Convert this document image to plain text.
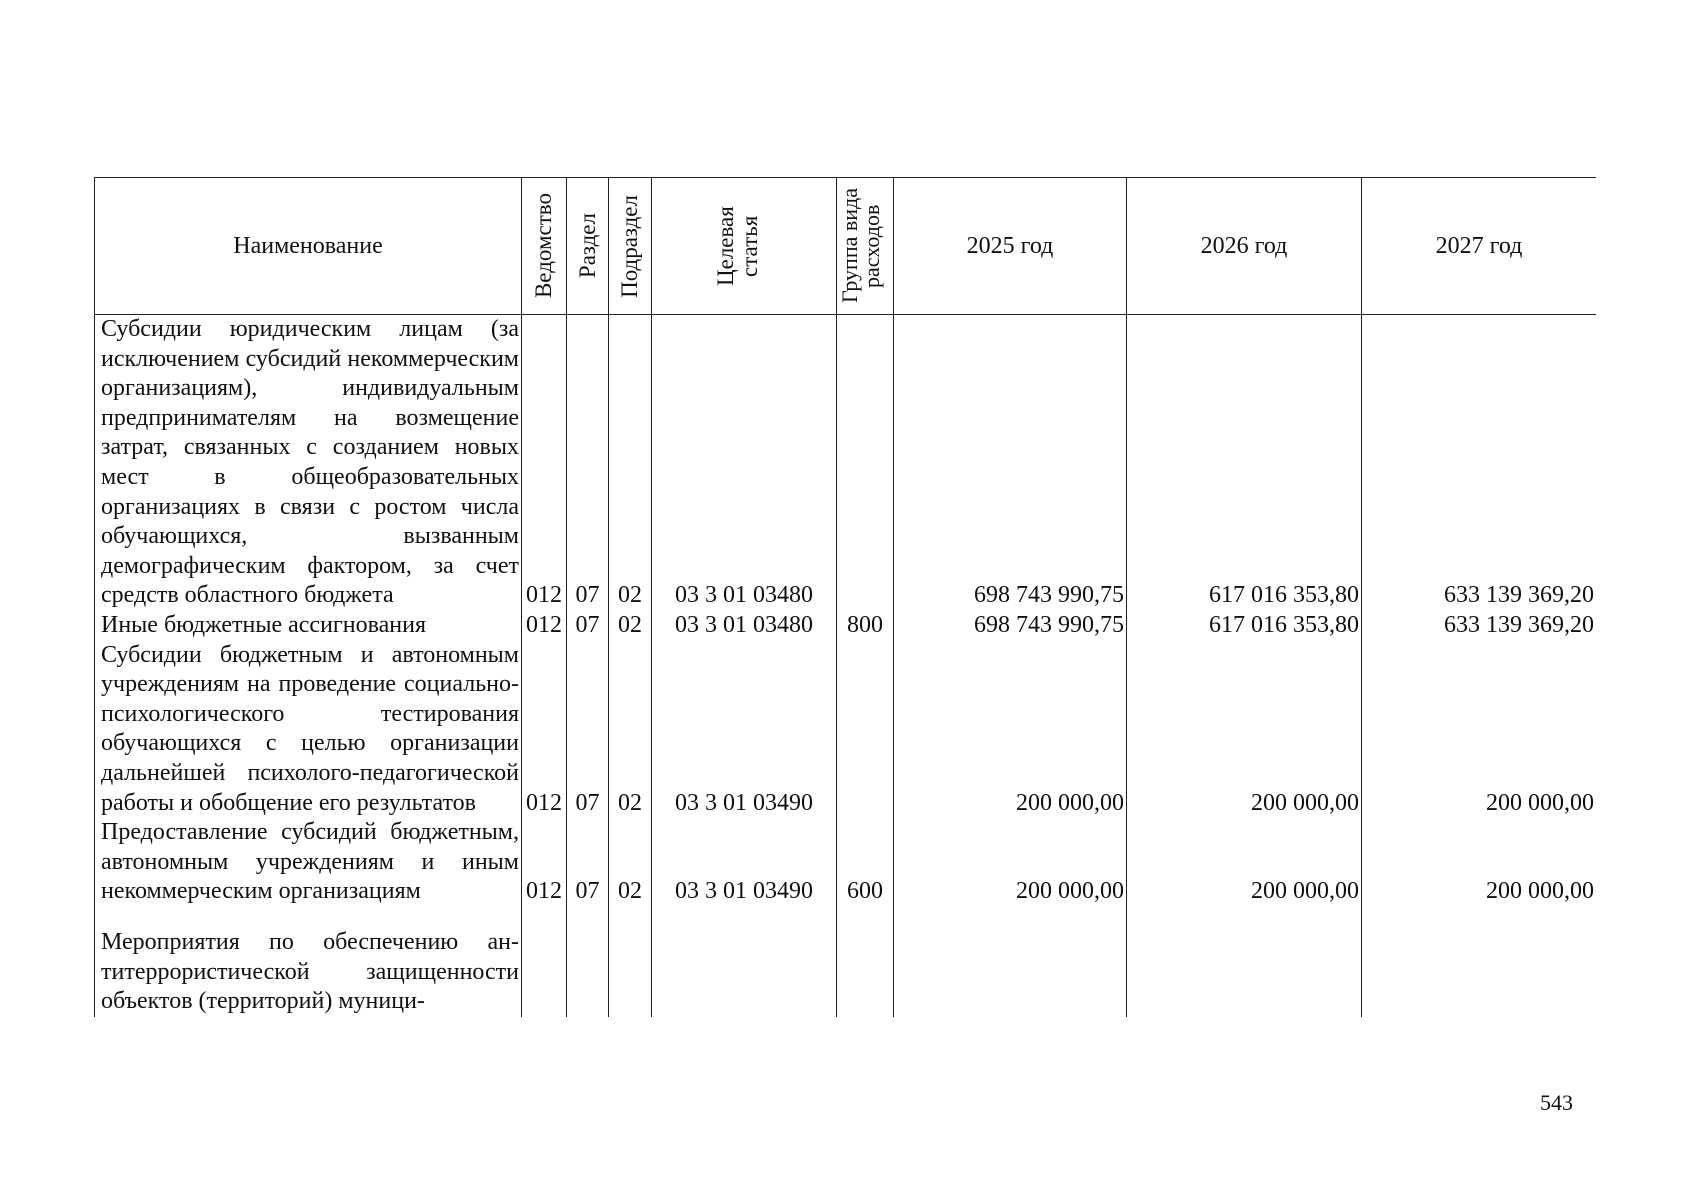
Наименование	Ведомство	Раздел	Подраздел	Целевая статья	Группа вида расходов	2025 год	2026 год	2027 год
Субсидии юридическим лицам (за исключением субсидий некоммерческим организациям), индивидуальным предпринимателям на возмещение затрат, связанных с созданием новых мест в общеобразовательных организациях в связи с ростом числа обучающихся, вызванным демографическим фактором, за счет средств областного бюджета	012	07	02	03 3 01 03480		698 743 990,75	617 016 353,80	633 139 369,20
Иные бюджетные ассигнования	012	07	02	03 3 01 03480	800	698 743 990,75	617 016 353,80	633 139 369,20
Субсидии бюджетным и автономным учреждениям на проведение социально-психологического тестирования обучающихся с целью организации дальнейшей психолого-педагогической работы и обобщение его результатов	012	07	02	03 3 01 03490		200 000,00	200 000,00	200 000,00
Предоставление субсидий бюджетным, автономным учреждениям и иным некоммерческим организациям	012	07	02	03 3 01 03490	600	200 000,00	200 000,00	200 000,00
Мероприятия по обеспечению антитеррористической защищенности объектов (территорий) муници-								
543
